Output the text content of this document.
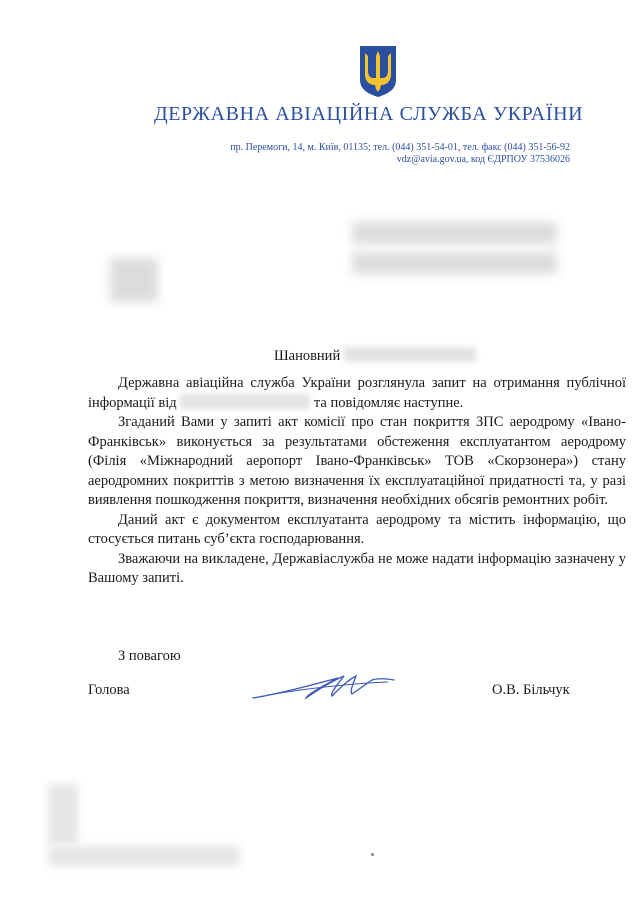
ДЕРЖАВНА АВІАЦІЙНА СЛУЖБА УКРАЇНИ
пр. Перемоги, 14, м. Київ, 01135; тел. (044) 351-54-01, тел. факс (044) 351-56-92
vdz@avia.gov.ua, код ЄДРПОУ 37536026
Шановний

Державна авіаційна служба України розглянула запит на отримання публічної інформації від	та повідомляє наступне.

Згаданий Вами у запиті акт комісії про стан покриття ЗПС аеродрому «Івано-Франківськ» виконується за результатами обстеження експлуатантом аеродрому (Філія «Міжнародний аеропорт Івано-Франківськ» ТОВ «Скорзонера») стану аеродромних покриттів з метою визначення їх експлуатаційної придатності та, у разі виявлення пошкодження покриття, визначення необхідних обсягів ремонтних робіт.

Даний акт є документом експлуатанта аеродрому та містить інформацію, що стосується питань суб’єкта господарювання.

Зважаючи на викладене, Державіаслужба не може надати інформацію зазначену у Вашому запиті.

З повагою
Голова	О.В. Більчук
